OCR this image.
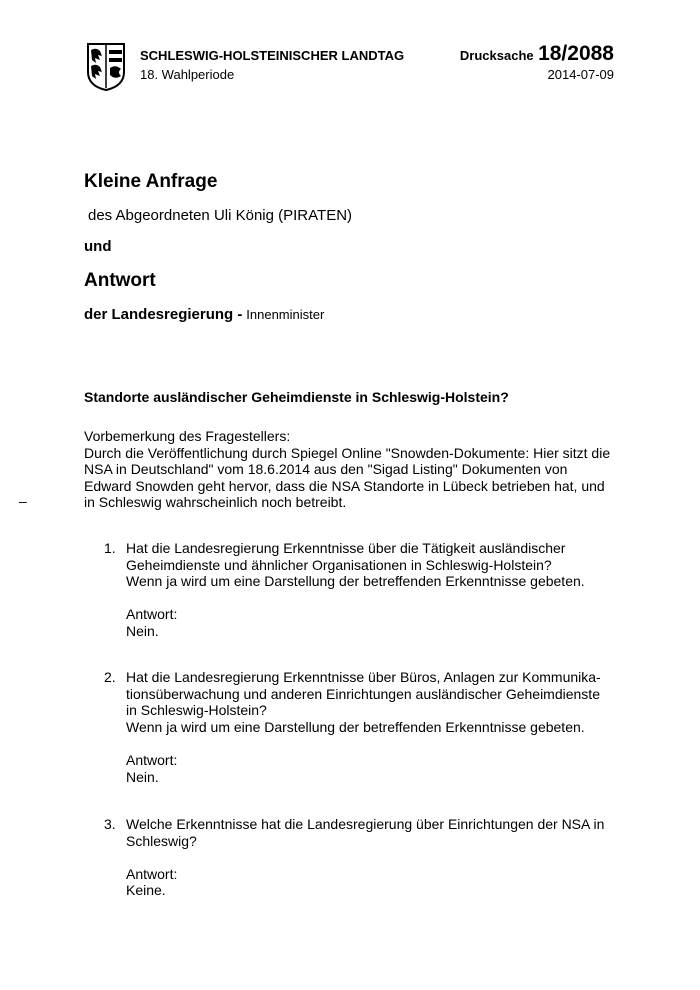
SCHLESWIG-HOLSTEINISCHER LANDTAG
18. Wahlperiode
Drucksache 18/2088
2014-07-09
Kleine Anfrage
des Abgeordneten Uli König (PIRATEN)
und
Antwort
der Landesregierung - Innenminister
Standorte ausländischer Geheimdienste in Schleswig-Holstein?
Vorbemerkung des Fragestellers:
Durch die Veröffentlichung durch Spiegel Online "Snowden-Dokumente: Hier sitzt die
NSA in Deutschland" vom 18.6.2014 aus den "Sigad Listing" Dokumenten von
Edward Snowden geht hervor, dass die NSA Standorte in Lübeck betrieben hat, und
in Schleswig wahrscheinlich noch betreibt.
–
1. Hat die Landesregierung Erkenntnisse über die Tätigkeit ausländischer
Geheimdienste und ähnlicher Organisationen in Schleswig-Holstein?
Wenn ja wird um eine Darstellung der betreffenden Erkenntnisse gebeten.
Antwort:
Nein.
2. Hat die Landesregierung Erkenntnisse über Büros, Anlagen zur Kommunika-
tionsüberwachung und anderen Einrichtungen ausländischer Geheimdienste
in Schleswig-Holstein?
Wenn ja wird um eine Darstellung der betreffenden Erkenntnisse gebeten.
Antwort:
Nein.
3. Welche Erkenntnisse hat die Landesregierung über Einrichtungen der NSA in
Schleswig?
Antwort:
Keine.
